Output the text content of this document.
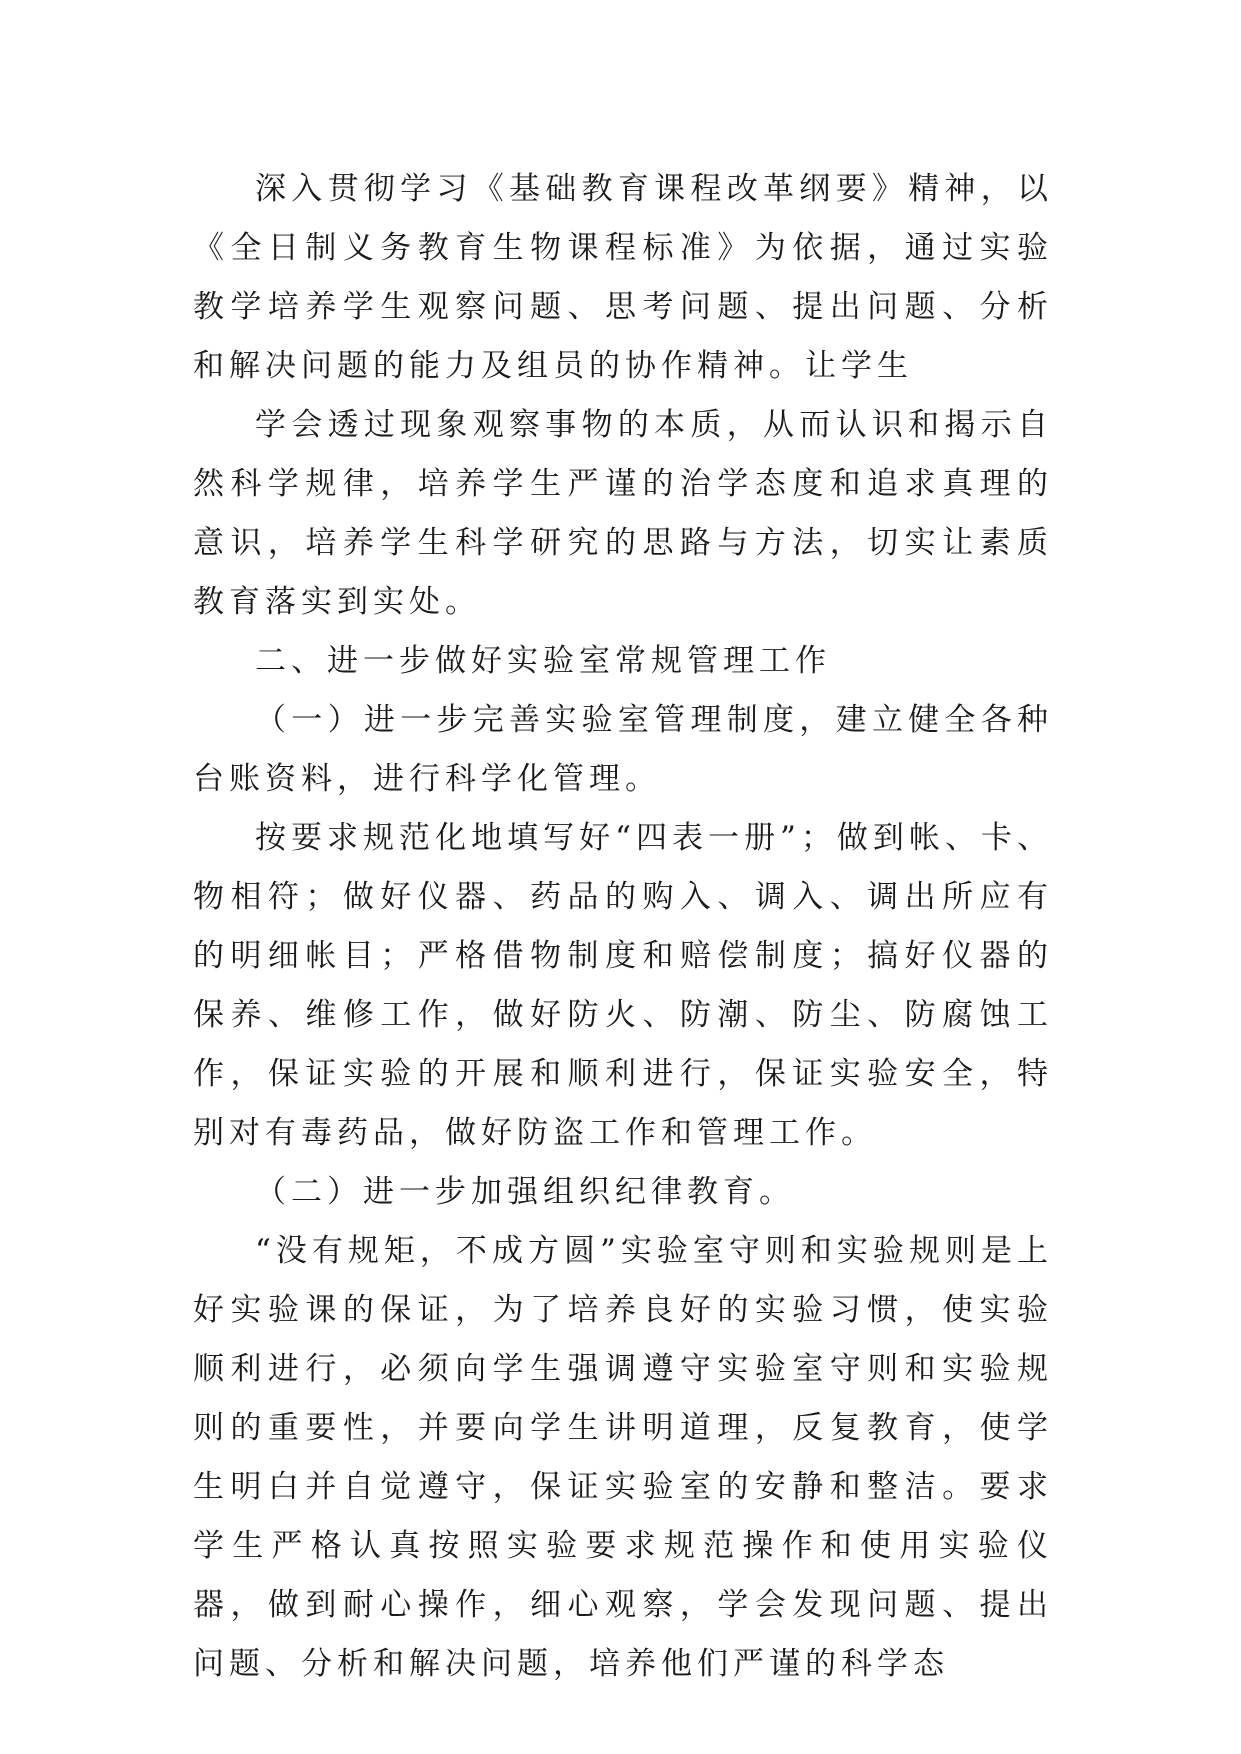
深入贯彻学习《基础教育课程改革纲要》精神，以《全日制义务教育生物课程标准》为依据，通过实验教学培养学生观察问题、思考问题、提出问题、分析和解决问题的能力及组员的协作精神。让学生

学会透过现象观察事物的本质，从而认识和揭示自然科学规律，培养学生严谨的治学态度和追求真理的意识，培养学生科学研究的思路与方法，切实让素质教育落实到实处。

二、进一步做好实验室常规管理工作

（一）进一步完善实验室管理制度，建立健全各种台账资料，进行科学化管理。

按要求规范化地填写好“四表一册”；做到帐、卡、物相符；做好仪器、药品的购入、调入、调出所应有的明细帐目；严格借物制度和赔偿制度；搞好仪器的保养、维修工作，做好防火、防潮、防尘、防腐蚀工作，保证实验的开展和顺利进行，保证实验安全，特别对有毒药品，做好防盗工作和管理工作。

（二）进一步加强组织纪律教育。

“没有规矩，不成方圆”实验室守则和实验规则是上好实验课的保证，为了培养良好的实验习惯，使实验顺利进行，必须向学生强调遵守实验室守则和实验规则的重要性，并要向学生讲明道理，反复教育，使学生明白并自觉遵守，保证实验室的安静和整洁。要求学生严格认真按照实验要求规范操作和使用实验仪器，做到耐心操作，细心观察，学会发现问题、提出问题、分析和解决问题，培养他们严谨的科学态
